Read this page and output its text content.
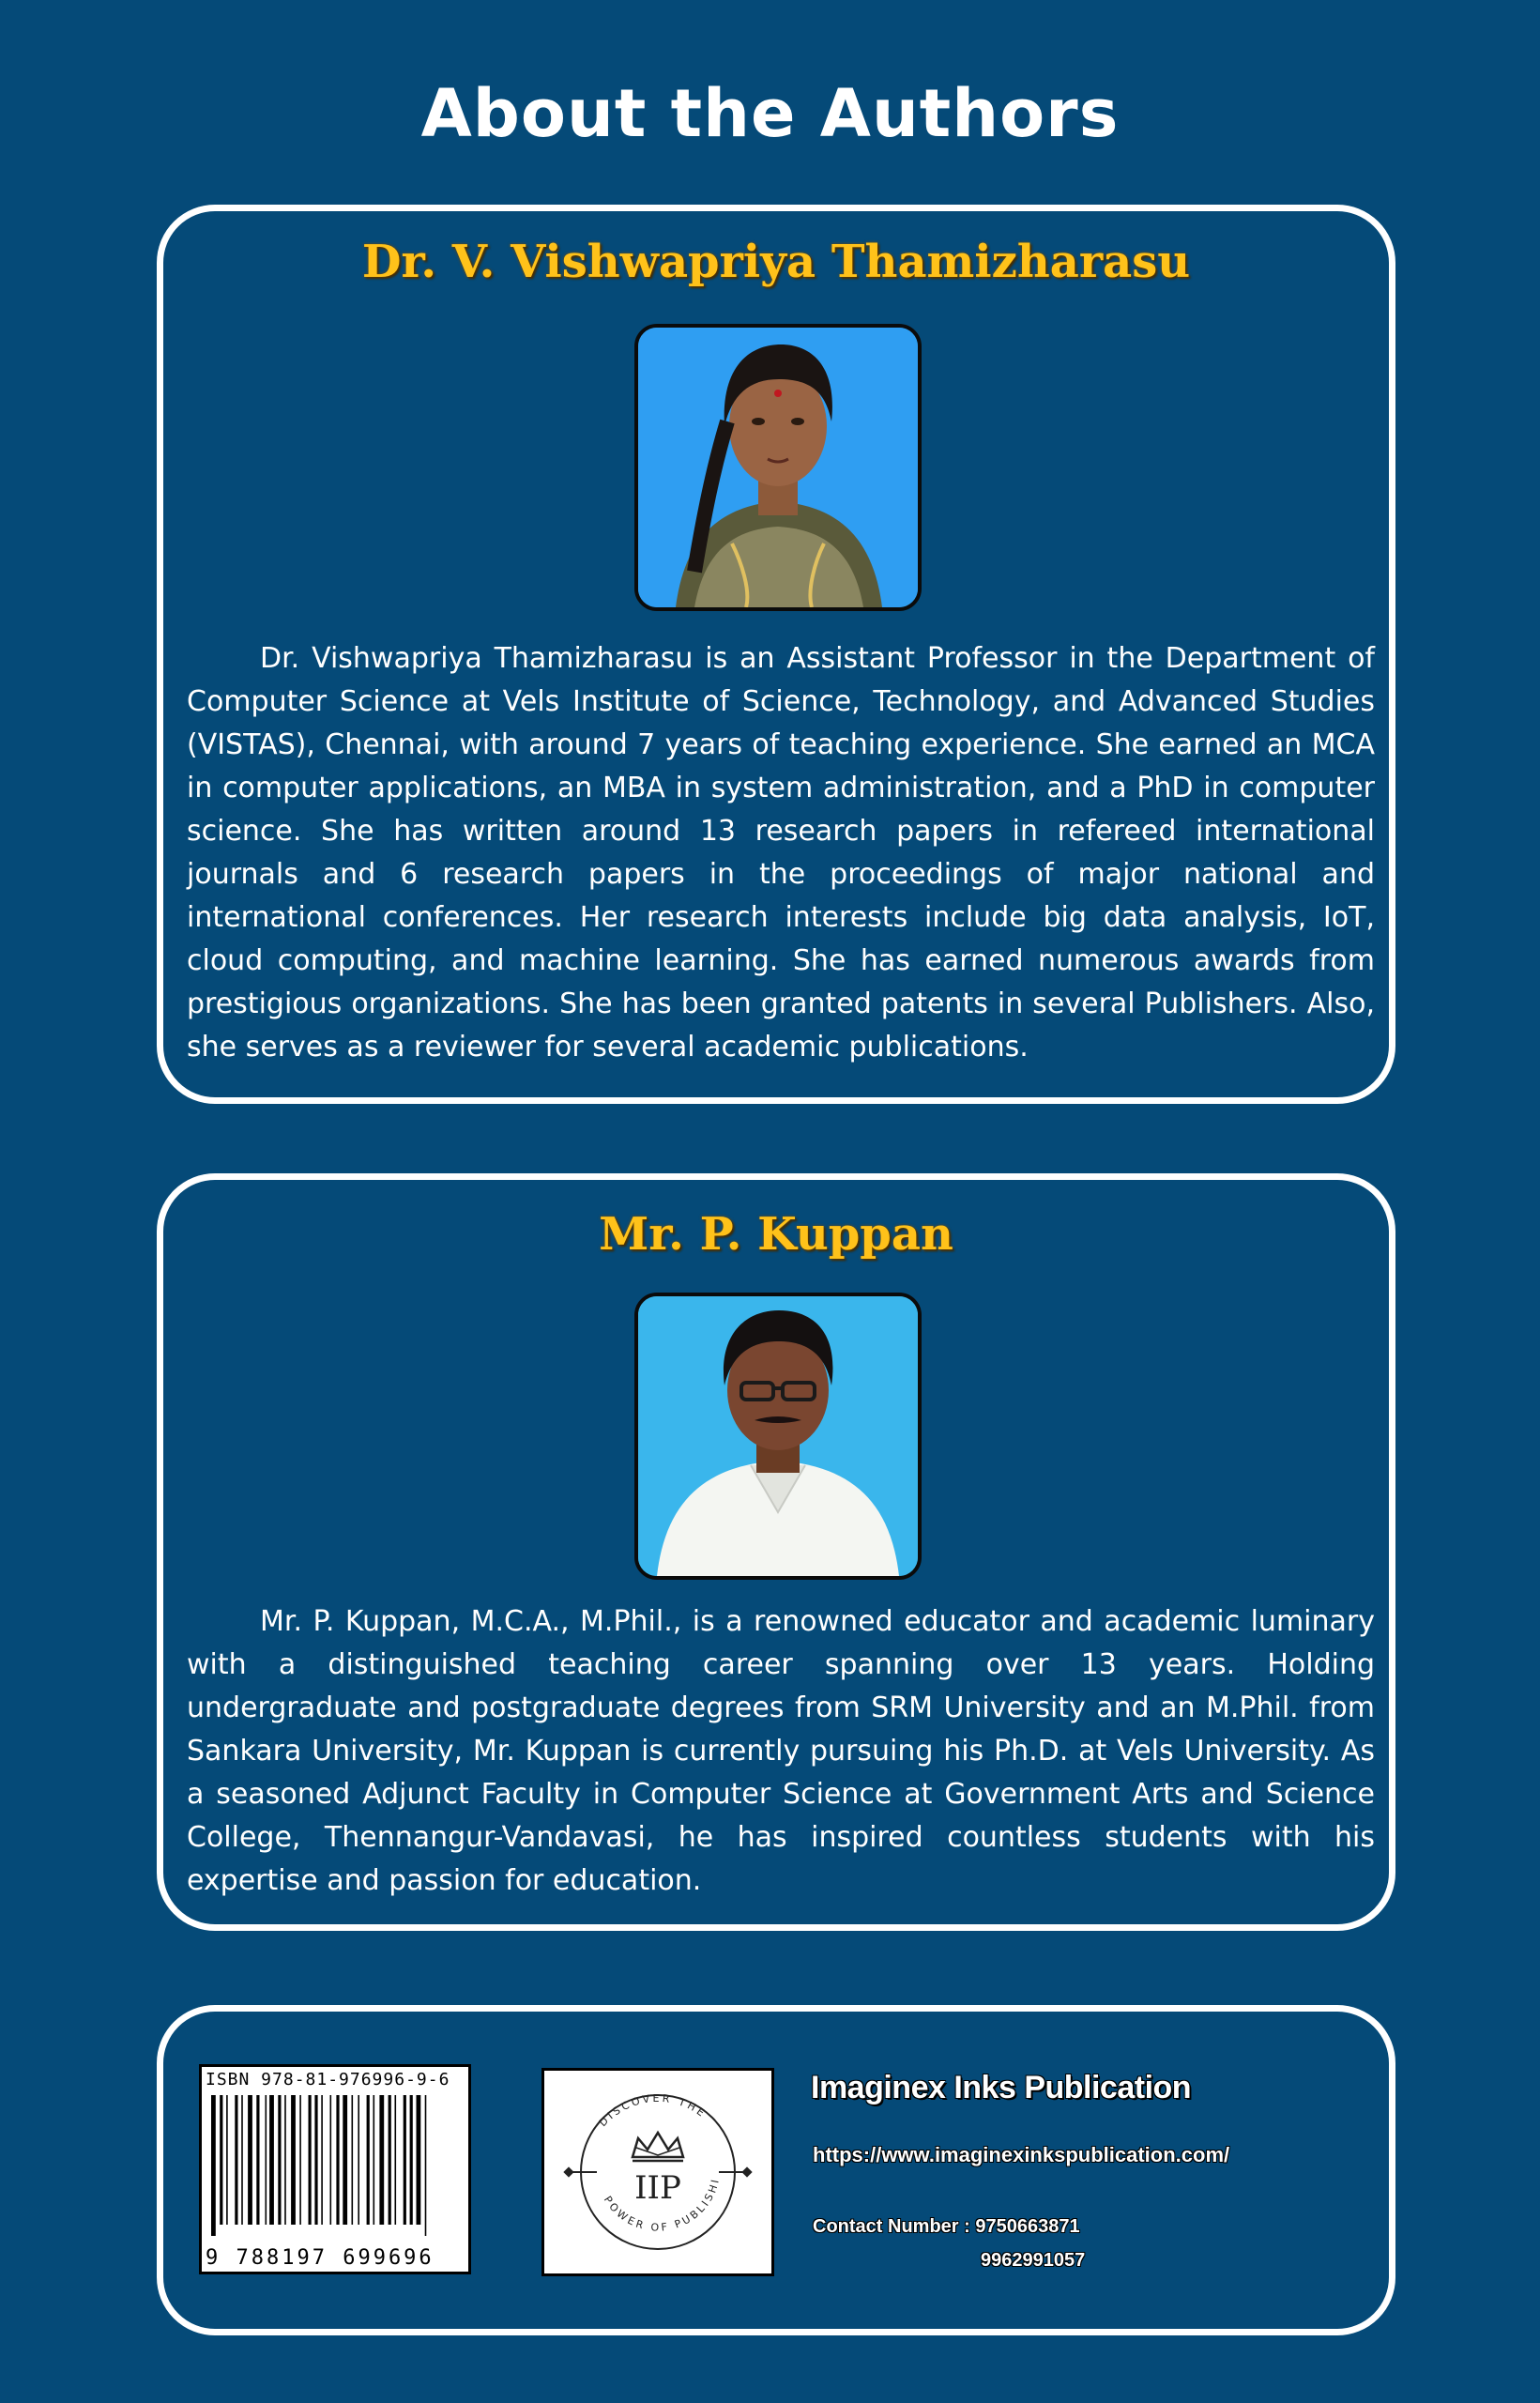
About the Authors
Dr. V. Vishwapriya Thamizharasu

Dr. Vishwapriya Thamizharasu is an Assistant Professor in the Department of Computer Science at Vels Institute of Science, Technology, and Advanced Studies (VISTAS), Chennai, with around 7 years of teaching experience. She earned an MCA in computer applications, an MBA in system administration, and a PhD in computer science. She has written around 13 research papers in refereed international journals and 6 research papers in the proceedings of major national and international conferences. Her research interests include big data analysis, IoT, cloud computing, and machine learning. She has earned numerous awards from prestigious organizations. She has been granted patents in several Publishers. Also, she serves as a reviewer for several academic publications.

Mr. P. Kuppan

Mr. P. Kuppan, M.C.A., M.Phil., is a renowned educator and academic luminary with a distinguished teaching career spanning over 13 years. Holding undergraduate and postgraduate degrees from SRM University and an M.Phil. from Sankara University, Mr. Kuppan is currently pursuing his Ph.D. at Vels University. As a seasoned Adjunct Faculty in Computer Science at Government Arts and Science College, Thennangur-Vandavasi, he has inspired countless students with his expertise and passion for education.

ISBN 978-81-976996-9-6

9 788197 699696

DISCOVER THE
POWER OF PUBLISHI
IIP

Imaginex Inks Publication

https://www.imaginexinkspublication.com/

Contact Number : 9750663871

9962991057
